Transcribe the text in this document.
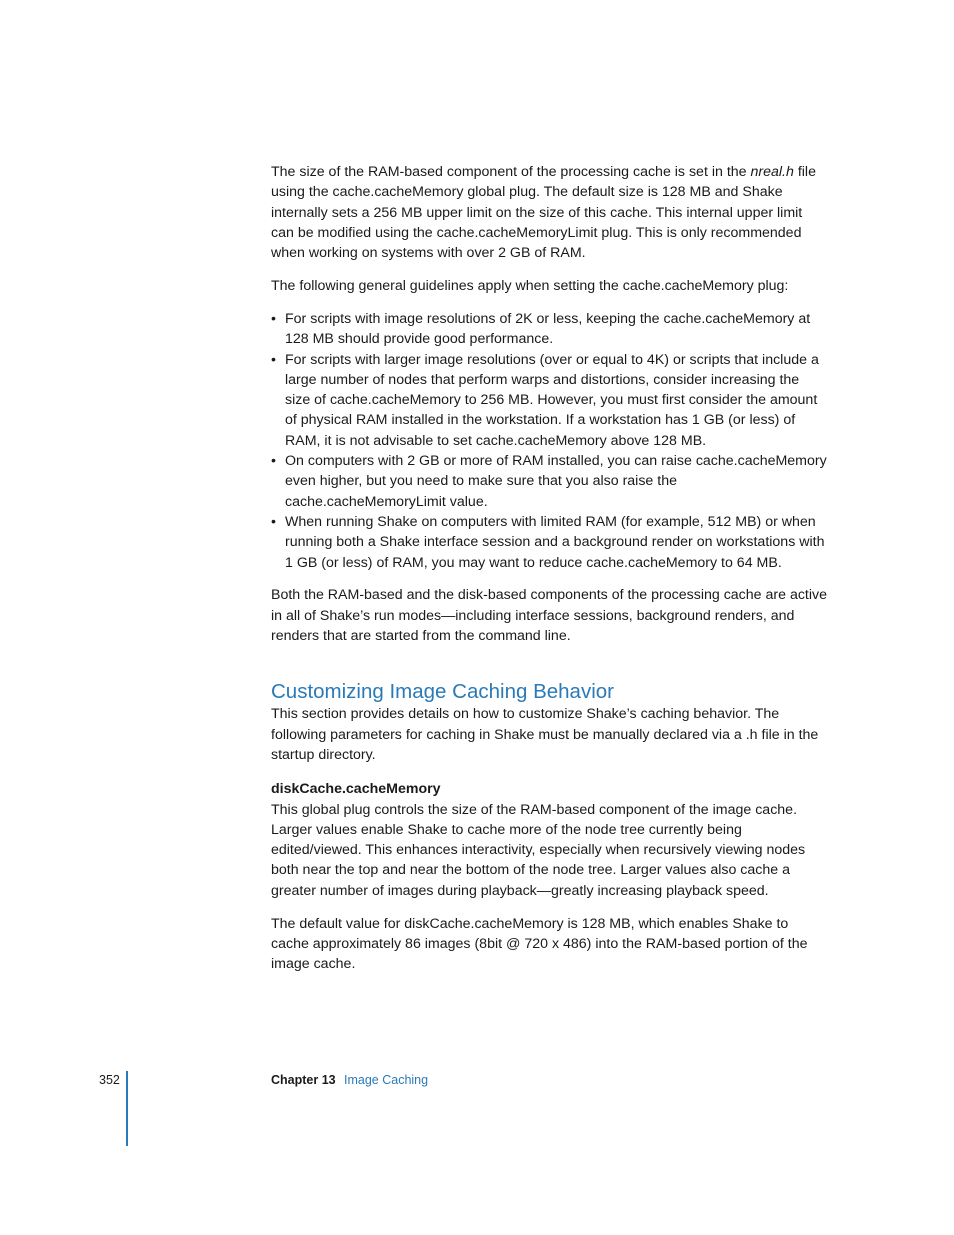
The size of the RAM-based component of the processing cache is set in the nreal.h file using the cache.cacheMemory global plug. The default size is 128 MB and Shake internally sets a 256 MB upper limit on the size of this cache. This internal upper limit can be modified using the cache.cacheMemoryLimit plug. This is only recommended when working on systems with over 2 GB of RAM.

The following general guidelines apply when setting the cache.cacheMemory plug:

• For scripts with image resolutions of 2K or less, keeping the cache.cacheMemory at 128 MB should provide good performance.
• For scripts with larger image resolutions (over or equal to 4K) or scripts that include a large number of nodes that perform warps and distortions, consider increasing the size of cache.cacheMemory to 256 MB. However, you must first consider the amount of physical RAM installed in the workstation. If a workstation has 1 GB (or less) of RAM, it is not advisable to set cache.cacheMemory above 128 MB.
• On computers with 2 GB or more of RAM installed, you can raise cache.cacheMemory even higher, but you need to make sure that you also raise the cache.cacheMemoryLimit value.
• When running Shake on computers with limited RAM (for example, 512 MB) or when running both a Shake interface session and a background render on workstations with 1 GB (or less) of RAM, you may want to reduce cache.cacheMemory to 64 MB.

Both the RAM-based and the disk-based components of the processing cache are active in all of Shake’s run modes—including interface sessions, background renders, and renders that are started from the command line.

Customizing Image Caching Behavior

This section provides details on how to customize Shake’s caching behavior. The following parameters for caching in Shake must be manually declared via a .h file in the startup directory.

diskCache.cacheMemory

This global plug controls the size of the RAM-based component of the image cache. Larger values enable Shake to cache more of the node tree currently being edited/viewed. This enhances interactivity, especially when recursively viewing nodes both near the top and near the bottom of the node tree. Larger values also cache a greater number of images during playback—greatly increasing playback speed.

The default value for diskCache.cacheMemory is 128 MB, which enables Shake to cache approximately 86 images (8bit @ 720 x 486) into the RAM-based portion of the image cache.

352	Chapter 13 Image Caching
